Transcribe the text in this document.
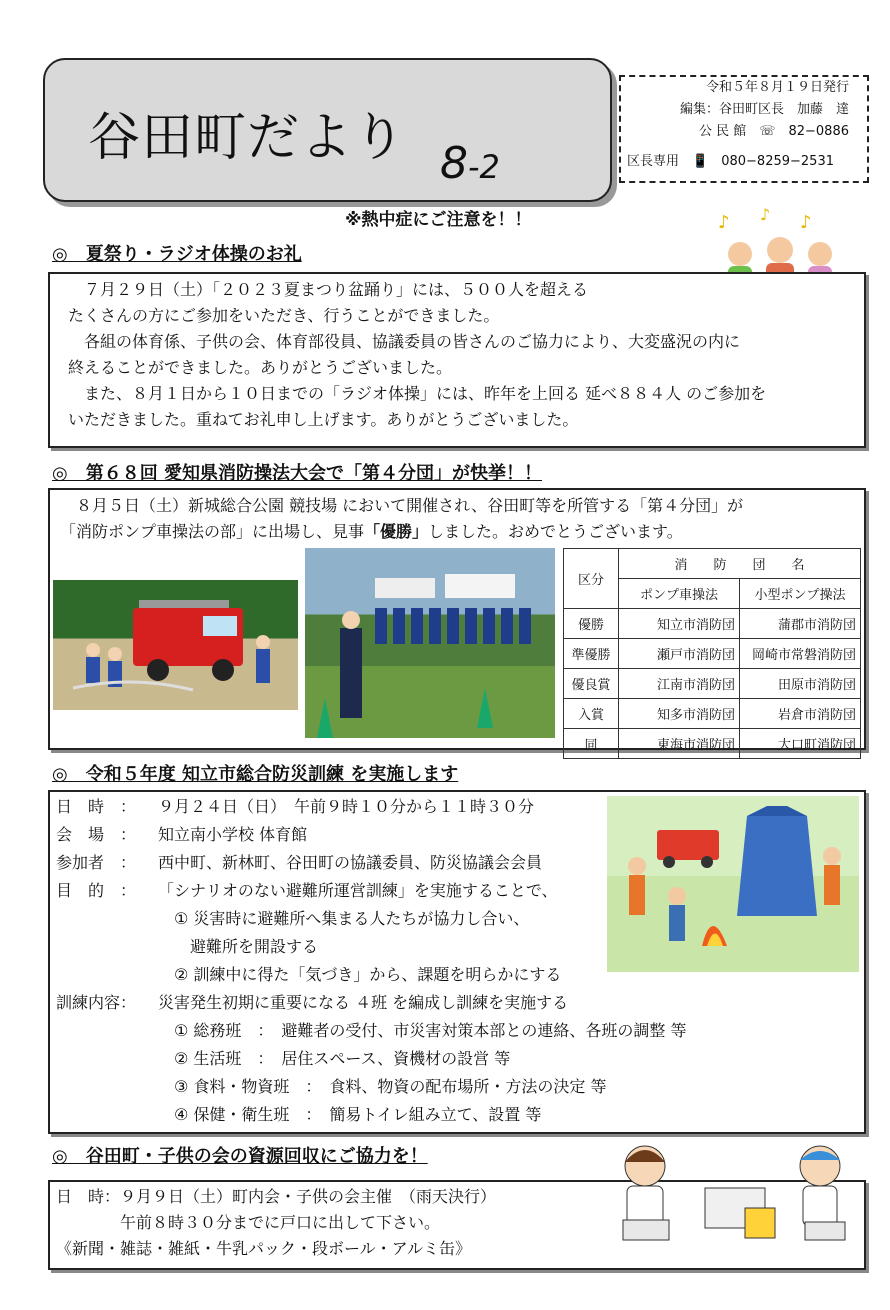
谷田町だより 8-2
令和５年８月１９日発行
編集：谷田町区長　加藤　達
公 民 館　☏　82−0886
区長専用　📱　 080−8259−2531
※熱中症にご注意を！！
◎　夏祭り・ラジオ体操のお礼
♪ ♪ ♪
　７月２９日（土）「２０２３夏まつり盆踊り」には、５００人を超える
たくさんの方にご参加をいただき、行うことができました。
　各組の体育係、子供の会、体育部役員、協議委員の皆さんのご協力により、大変盛況の内に
終えることができました。ありがとうございました。
　また、８月１日から１０日までの「ラジオ体操」には、昨年を上回る 延べ８８４人 のご参加を
いただきました。重ねてお礼申し上げます。ありがとうございました。
◎　第６８回 愛知県消防操法大会で「第４分団」が快挙！！
　８月５日（土）新城総合公園 競技場 において開催され、谷田町等を所管する「第４分団」が
「消防ポンプ車操法の部」に出場し、見事「優勝」しました。おめでとうございます。
区分	消　　防　　団　　名	
	ポンプ車操法	小型ポンプ操法
優勝	知立市消防団	蒲郡市消防団
準優勝	瀬戸市消防団	岡崎市常磐消防団
優良賞	江南市消防団	田原市消防団
入賞	知多市消防団	岩倉市消防団
同	東海市消防団	大口町消防団
◎　令和５年度 知立市総合防災訓練 を実施します
日　時　： ９月２４日（日）　午前９時１０分から１１時３０分
会　場　： 知立南小学校 体育館
参加者　： 西中町、新林町、谷田町の協議委員、防災協議会会員
目　的　： 「シナリオのない避難所運営訓練」を実施することで、
　① 災害時に避難所へ集まる人たちが協力し合い、
　　避難所を開設する
　② 訓練中に得た「気づき」から、課題を明らかにする
訓練内容： 災害発生初期に重要になる ４班 を編成し訓練を実施する
　① 総務班　：　避難者の受付、市災害対策本部との連絡、各班の調整 等
　② 生活班　：　居住スペース、資機材の設営 等
　③ 食料・物資班　：　食料、物資の配布場所・方法の決定 等
　④ 保健・衛生班　：　簡易トイレ組み立て、設置 等
◎　谷田町・子供の会の資源回収にご協力を！
日　時：９月９日（土）町内会・子供の会主催　（雨天決行）
　　　　午前８時３０分までに戸口に出して下さい。
《新聞・雑誌・雑紙・牛乳パック・段ボール・アルミ缶》
